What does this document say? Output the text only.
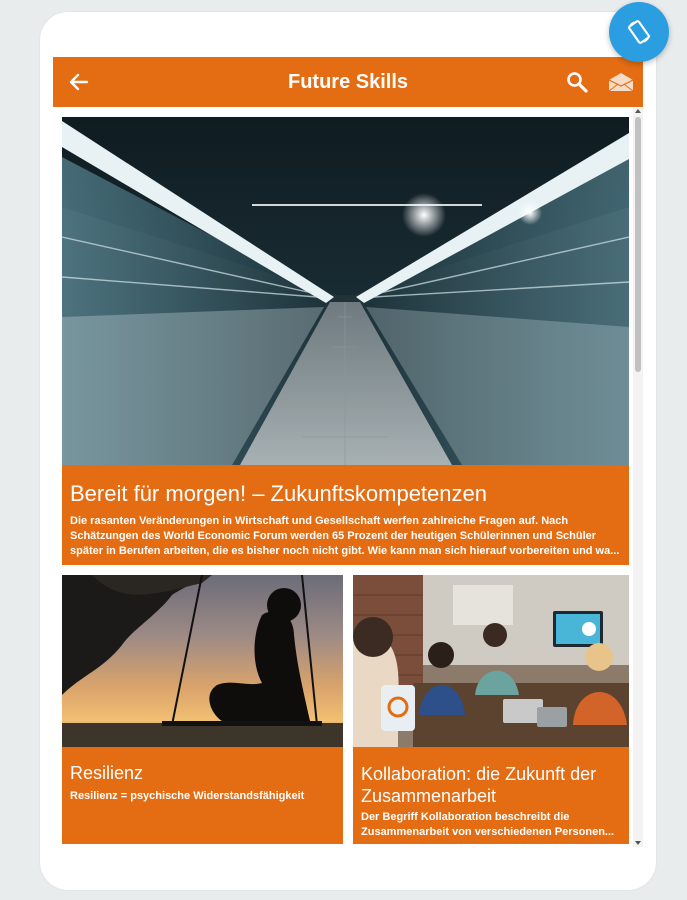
Future Skills
Bereit für morgen! – Zukunftskompetenzen
Die rasanten Veränderungen in Wirtschaft und Gesellschaft werfen zahlreiche Fragen auf. Nach Schätzungen des World Economic Forum werden 65 Prozent der heutigen Schülerinnen und Schüler später in Berufen arbeiten, die es bisher noch nicht gibt. Wie kann man sich hierauf vorbereiten und wa...
Resilienz
Resilienz = psychische Widerstandsfähigkeit
Kollaboration: die Zukunft der Zusammenarbeit
Der Begriff Kollaboration beschreibt die Zusammenarbeit von verschiedenen Personen...
